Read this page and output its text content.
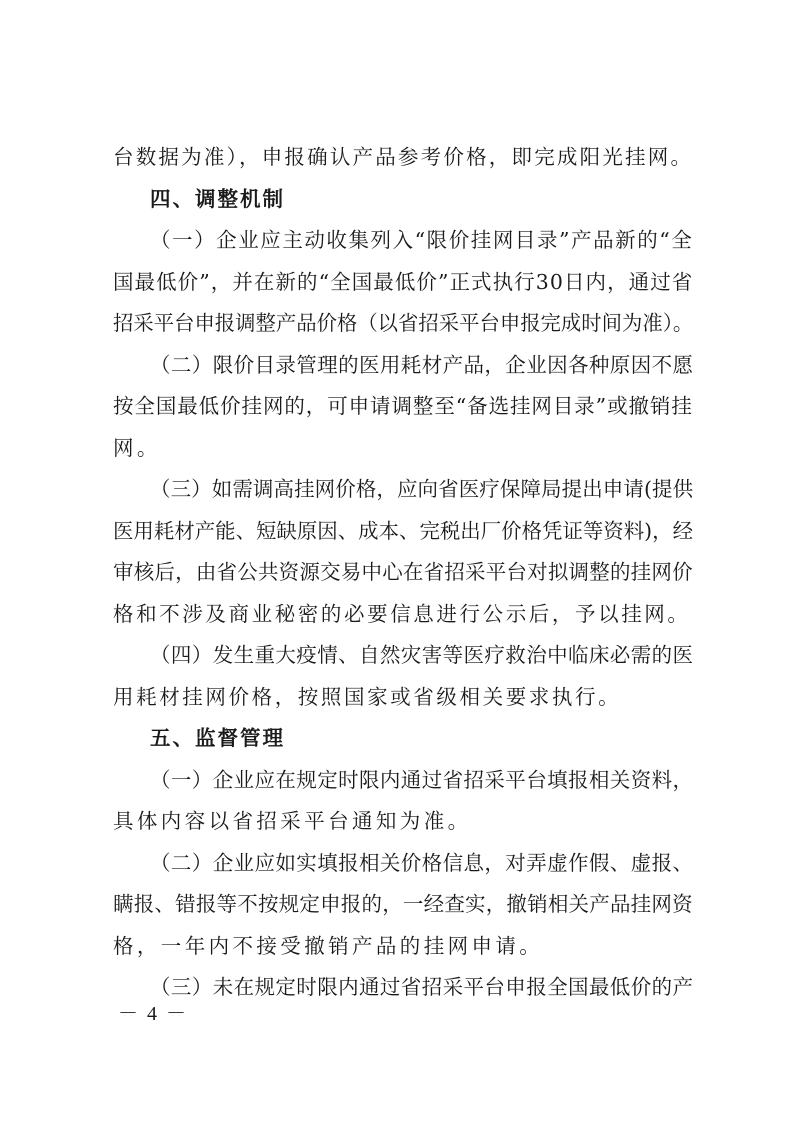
台数据为准），申报确认产品参考价格，即完成阳光挂网。
四、调整机制
（一）企业应主动收集列入“限价挂网目录”产品新的“全
国最低价”，并在新的“全国最低价”正式执行30日内，通过省
招采平台申报调整产品价格（以省招采平台申报完成时间为准）。
（二）限价目录管理的医用耗材产品，企业因各种原因不愿
按全国最低价挂网的，可申请调整至“备选挂网目录”或撤销挂
网。
（三）如需调高挂网价格，应向省医疗保障局提出申请(提供
医用耗材产能、短缺原因、成本、完税出厂价格凭证等资料)，经
审核后，由省公共资源交易中心在省招采平台对拟调整的挂网价
格和不涉及商业秘密的必要信息进行公示后，予以挂网。
（四）发生重大疫情、自然灾害等医疗救治中临床必需的医
用耗材挂网价格，按照国家或省级相关要求执行。
五、监督管理
（一）企业应在规定时限内通过省招采平台填报相关资料，
具体内容以省招采平台通知为准。
（二）企业应如实填报相关价格信息，对弄虚作假、虚报、
瞒报、错报等不按规定申报的，一经查实，撤销相关产品挂网资
格，一年内不接受撤销产品的挂网申请。
（三）未在规定时限内通过省招采平台申报全国最低价的产
－ 4 －
